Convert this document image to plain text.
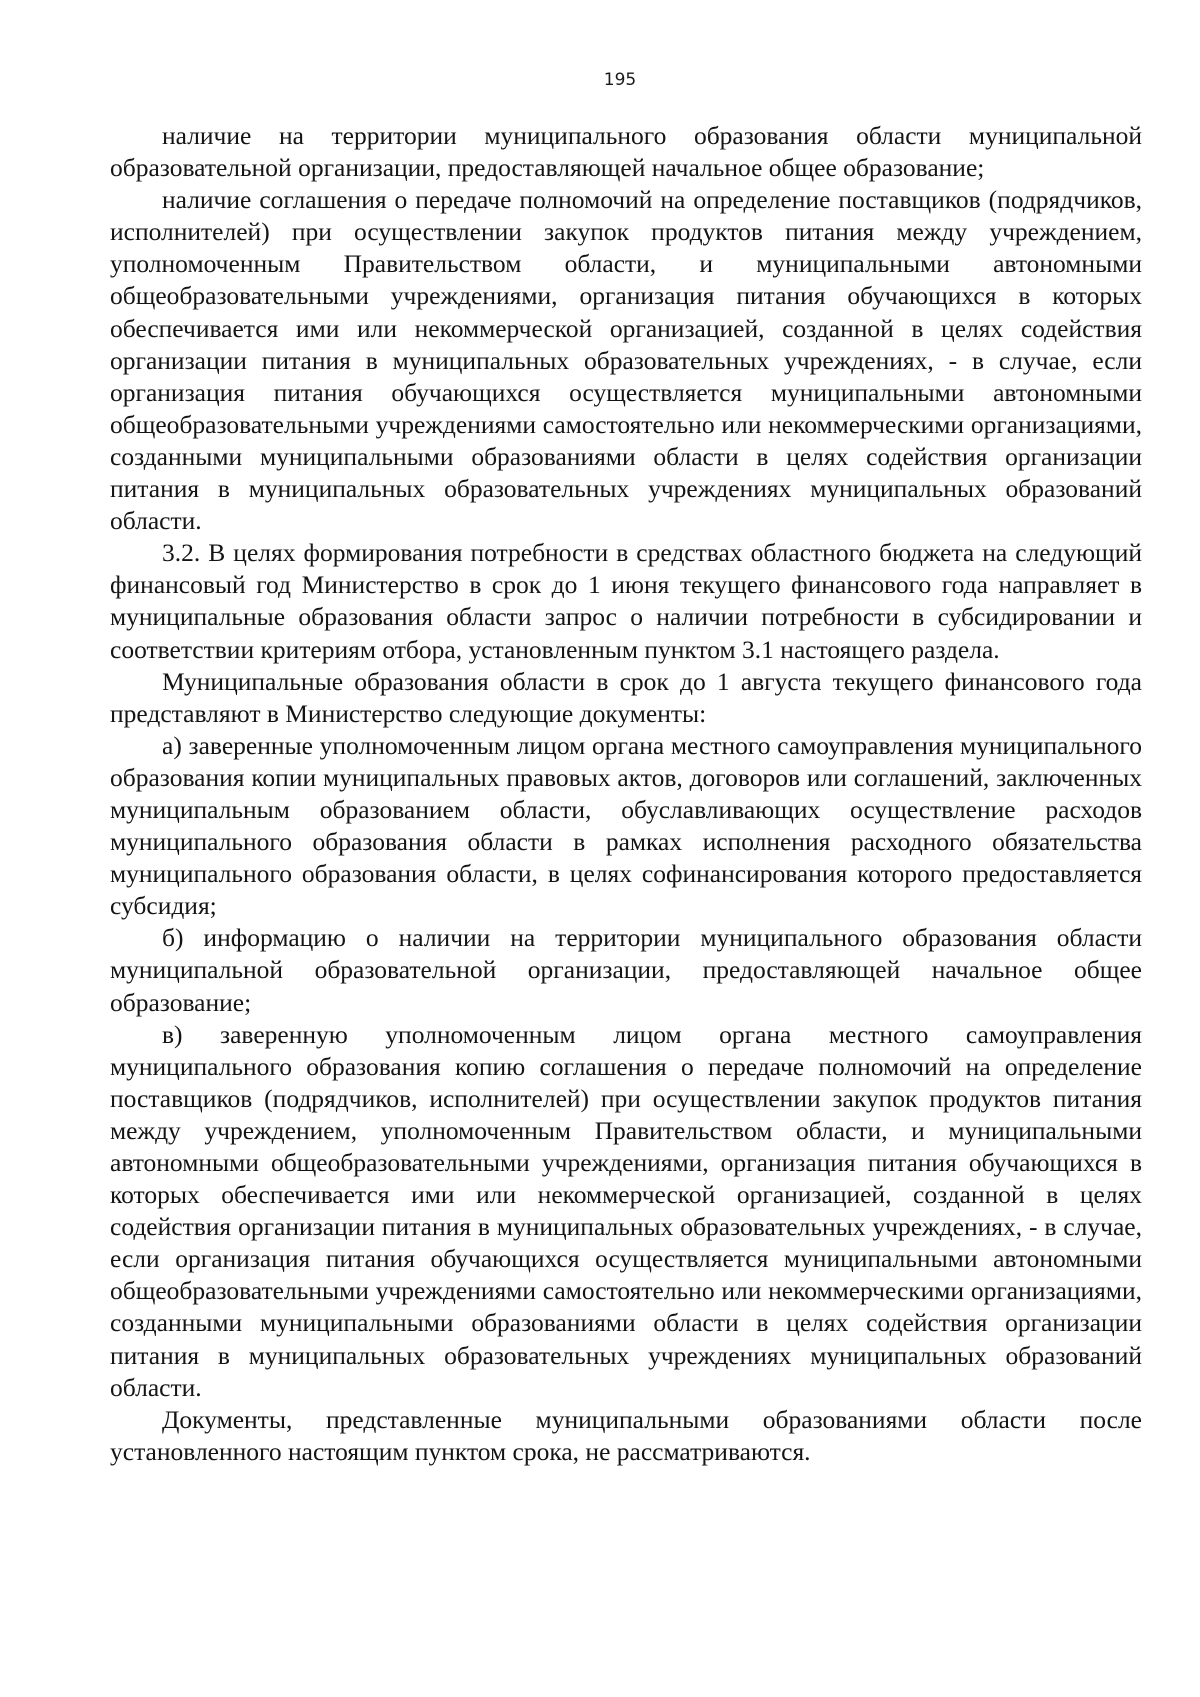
195

наличие на территории муниципального образования области муниципальной образовательной организации, предоставляющей начальное общее образование;

наличие соглашения о передаче полномочий на определение поставщиков (подрядчиков, исполнителей) при осуществлении закупок продуктов питания между учреждением, уполномоченным Правительством области, и муниципальными автономными общеобразовательными учреждениями, организация питания обучающихся в которых обеспечивается ими или некоммерческой организацией, созданной в целях содействия организации питания в муниципальных образовательных учреждениях, - в случае, если организация питания обучающихся осуществляется муниципальными автономными общеобразовательными учреждениями самостоятельно или некоммерческими организациями, созданными муниципальными образованиями области в целях содействия организации питания в муниципальных образовательных учреждениях муниципальных образований области.

3.2. В целях формирования потребности в средствах областного бюджета на следующий финансовый год Министерство в срок до 1 июня текущего финансового года направляет в муниципальные образования области запрос о наличии потребности в субсидировании и соответствии критериям отбора, установленным пунктом 3.1 настоящего раздела.

Муниципальные образования области в срок до 1 августа текущего финансового года представляют в Министерство следующие документы:

а) заверенные уполномоченным лицом органа местного самоуправления муниципального образования копии муниципальных правовых актов, договоров или соглашений, заключенных муниципальным образованием области, обуславливающих осуществление расходов муниципального образования области в рамках исполнения расходного обязательства муниципального образования области, в целях софинансирования которого предоставляется субсидия;

б) информацию о наличии на территории муниципального образования области муниципальной образовательной организации, предоставляющей начальное общее образование;

в) заверенную уполномоченным лицом органа местного самоуправления муниципального образования копию соглашения о передаче полномочий на определение поставщиков (подрядчиков, исполнителей) при осуществлении закупок продуктов питания между учреждением, уполномоченным Правительством области, и муниципальными автономными общеобразовательными учреждениями, организация питания обучающихся в которых обеспечивается ими или некоммерческой организацией, созданной в целях содействия организации питания в муниципальных образовательных учреждениях, - в случае, если организация питания обучающихся осуществляется муниципальными автономными общеобразовательными учреждениями самостоятельно или некоммерческими организациями, созданными муниципальными образованиями области в целях содействия организации питания в муниципальных образовательных учреждениях муниципальных образований области.

Документы, представленные муниципальными образованиями области после установленного настоящим пунктом срока, не рассматриваются.
